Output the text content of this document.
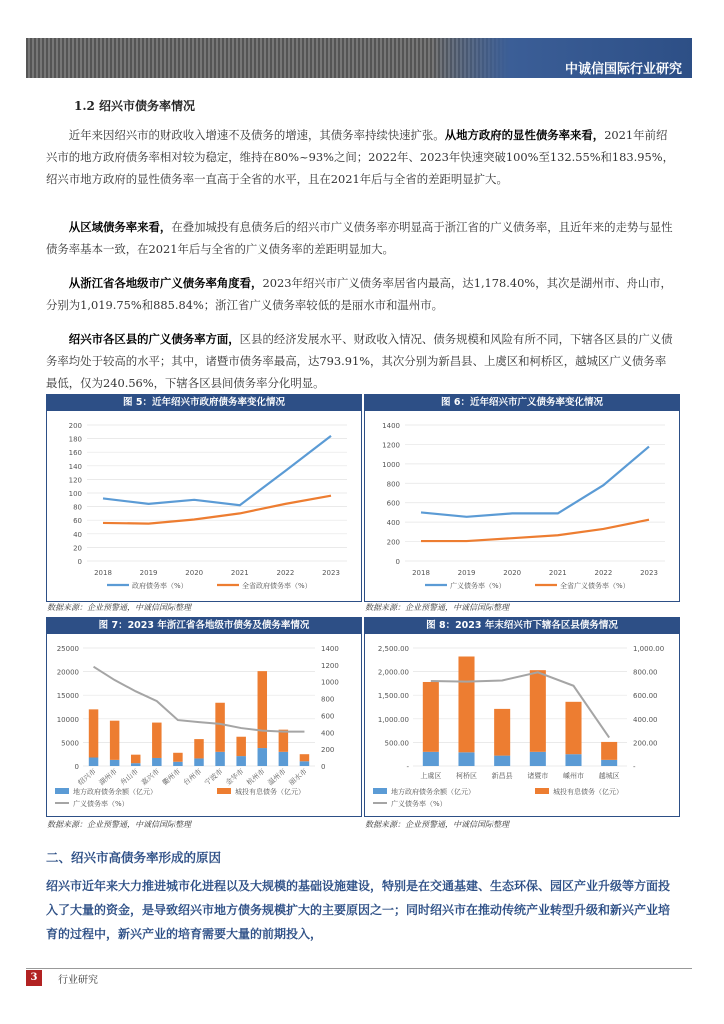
中诚信国际行业研究
1.2 绍兴市债务率情况
近年来因绍兴市的财政收入增速不及债务的增速，其债务率持续快速扩张。从地方政府的显性债务率来看，2021年前绍兴市的地方政府债务率相对较为稳定，维持在80%~93%之间；2022年、2023年快速突破100%至132.55%和183.95%，绍兴市地方政府的显性债务率一直高于全省的水平，且在2021年后与全省的差距明显扩大。
从区域债务率来看，在叠加城投有息债务后的绍兴市广义债务率亦明显高于浙江省的广义债务率，且近年来的走势与显性债务率基本一致，在2021年后与全省的广义债务率的差距明显加大。
从浙江省各地级市广义债务率角度看，2023年绍兴市广义债务率居省内最高，达1,178.40%，其次是湖州市、舟山市，分别为1,019.75%和885.84%；浙江省广义债务率较低的是丽水市和温州市。
绍兴市各区县的广义债务率方面，区县的经济发展水平、财政收入情况、债务规模和风险有所不同，下辖各区县的广义债务率均处于较高的水平；其中，诸暨市债务率最高，达793.91%，其次分别为新昌县、上虞区和柯桥区，越城区广义债务率最低，仅为240.56%，下辖各区县间债务率分化明显。
图 5：近年绍兴市政府债务率变化情况
0
20
40
60
80
100
120
140
160
180
200
2018	2019	2020	2021	2022	2023
政府债务率（%）	全省政府债务率（%）
数据来源：企业预警通，中诚信国际整理
图 6：近年绍兴市广义债务率变化情况
0
200
400
600
800
1000
1200
1400
2018	2019	2020	2021	2022	2023
广义债务率（%）	全省广义债务率（%）
数据来源：企业预警通，中诚信国际整理
图 7：2023 年浙江省各地级市债务及债务率情况
0
5000
10000
15000
20000
25000
0
200
400
600
800
1000
1200
1400
绍兴市 湖州市 舟山市 嘉兴市 衢州市 台州市 宁波市 金华市 杭州市 温州市 丽水市
地方政府债务余额（亿元）	城投有息债务（亿元）
广义债务率（%）
数据来源：企业预警通，中诚信国际整理
图 8：2023 年末绍兴市下辖各区县债务情况
-
500.00
1,000.00
1,500.00
2,000.00
2,500.00
-
200.00
400.00
600.00
800.00
1,000.00
上虞区 柯桥区 新昌县 诸暨市 嵊州市 越城区
地方政府债务余额（亿元）	城投有息债务（亿元）
广义债务率（%）
数据来源：企业预警通，中诚信国际整理
二、绍兴市高债务率形成的原因
绍兴市近年来大力推进城市化进程以及大规模的基础设施建设，特别是在交通基建、生态环保、园区产业升级等方面投入了大量的资金，是导致绍兴市地方债务规模扩大的主要原因之一；同时绍兴市在推动传统产业转型升级和新兴产业培育的过程中，新兴产业的培育需要大量的前期投入，
3	行业研究
